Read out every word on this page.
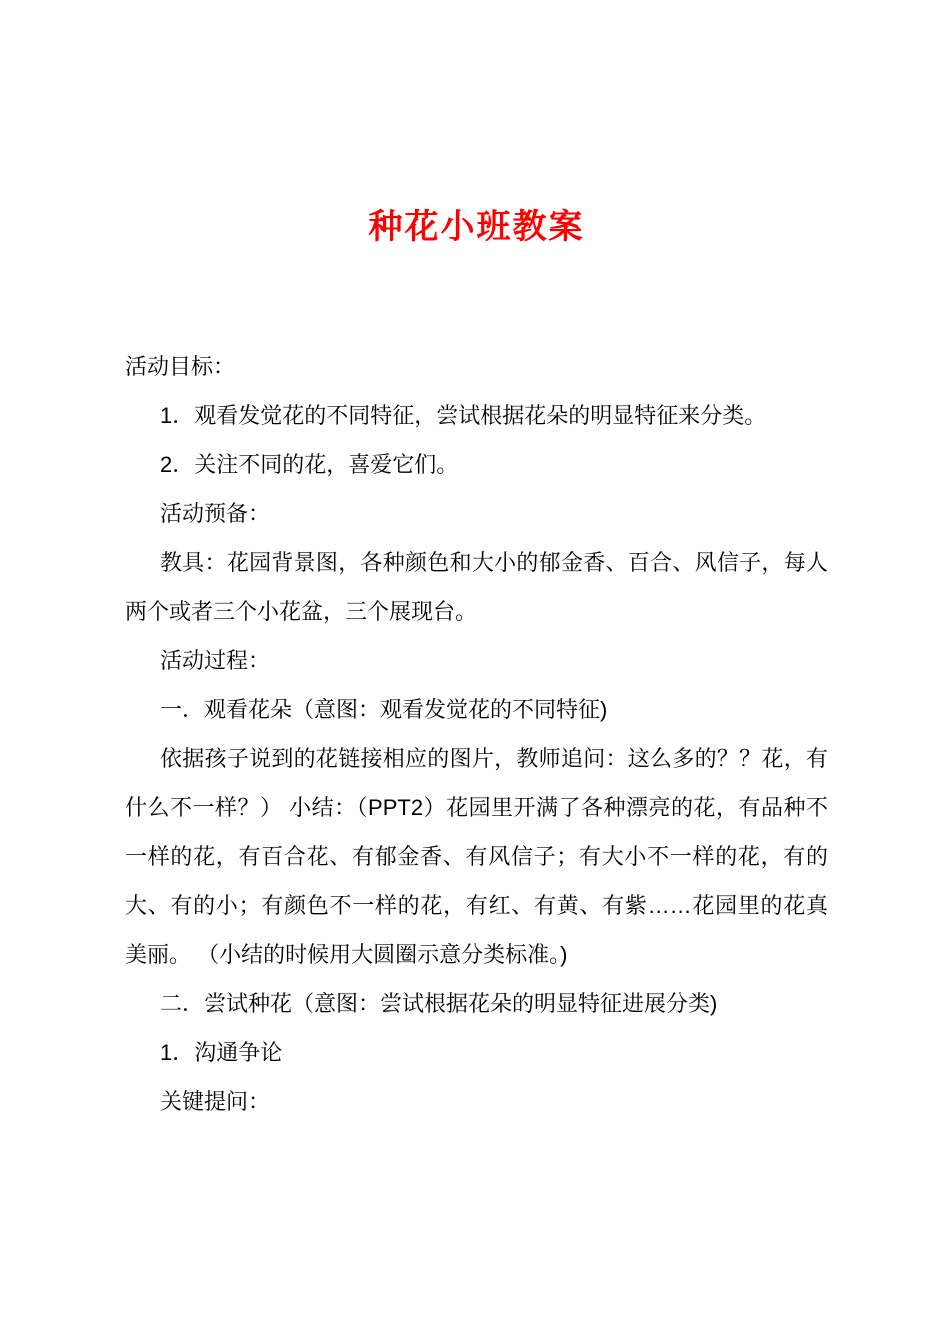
种花小班教案

活动目标：

1．观看发觉花的不同特征，尝试根据花朵的明显特征来分类。

2．关注不同的花，喜爱它们。

活动预备：

教具：花园背景图，各种颜色和大小的郁金香、百合、风信子，每人两个或者三个小花盆，三个展现台。

活动过程：

一．观看花朵（意图：观看发觉花的不同特征)

依据孩子说到的花链接相应的图片，教师追问：这么多的？？花，有什么不一样？） 小结：（PPT2）花园里开满了各种漂亮的花，有品种不一样的花，有百合花、有郁金香、有风信子；有大小不一样的花，有的大、有的小；有颜色不一样的花，有红、有黄、有紫……花园里的花真美丽。 （小结的时候用大圆圈示意分类标准。)

二．尝试种花（意图：尝试根据花朵的明显特征进展分类)

1．沟通争论

关键提问：
